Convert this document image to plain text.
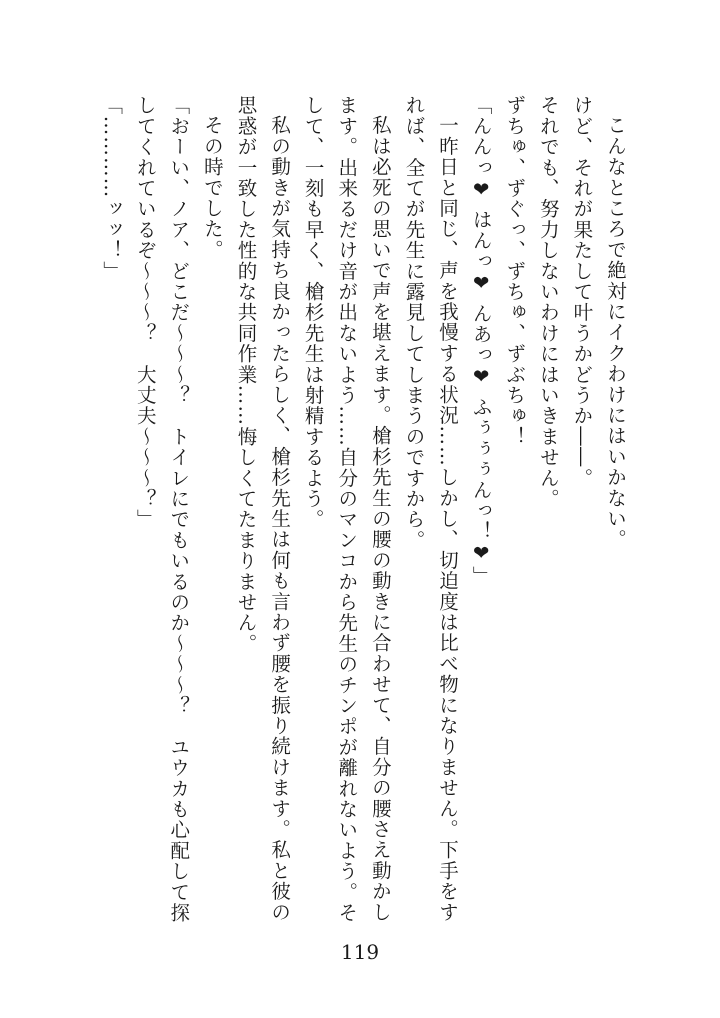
こんなところで絶対にイクわけにはいかない。
けど、それが果たして叶うかどうか――。
それでも、努力しないわけにはいきません。
ずちゅ、ずぐっ、ずちゅ、ずぶちゅ！
「んんっ❤ はんっ❤ んあっ❤ ふぅぅぅんっ！❤」
一昨日と同じ、声を我慢する状況……しかし、切迫度は比べ物になりません。下手をす
れば、全てが先生に露見してしまうのですから。
私は必死の思いで声を堪えます。槍杉先生の腰の動きに合わせて、自分の腰さえ動かし
ます。出来るだけ音が出ないよう……自分のマンコから先生のチンポが離れないよう。そ
して、一刻も早く、槍杉先生は射精するよう。
私の動きが気持ち良かったらしく、槍杉先生は何も言わず腰を振り続けます。私と彼の
思惑が一致した性的な共同作業……悔しくてたまりません。
その時でした。
「おーい、ノア、どこだ〜〜〜？　トイレにでもいるのか〜〜〜？　ユウカも心配して探
してくれているぞ〜〜〜？　大丈夫〜〜〜？」
「…………ッッ！」
119
